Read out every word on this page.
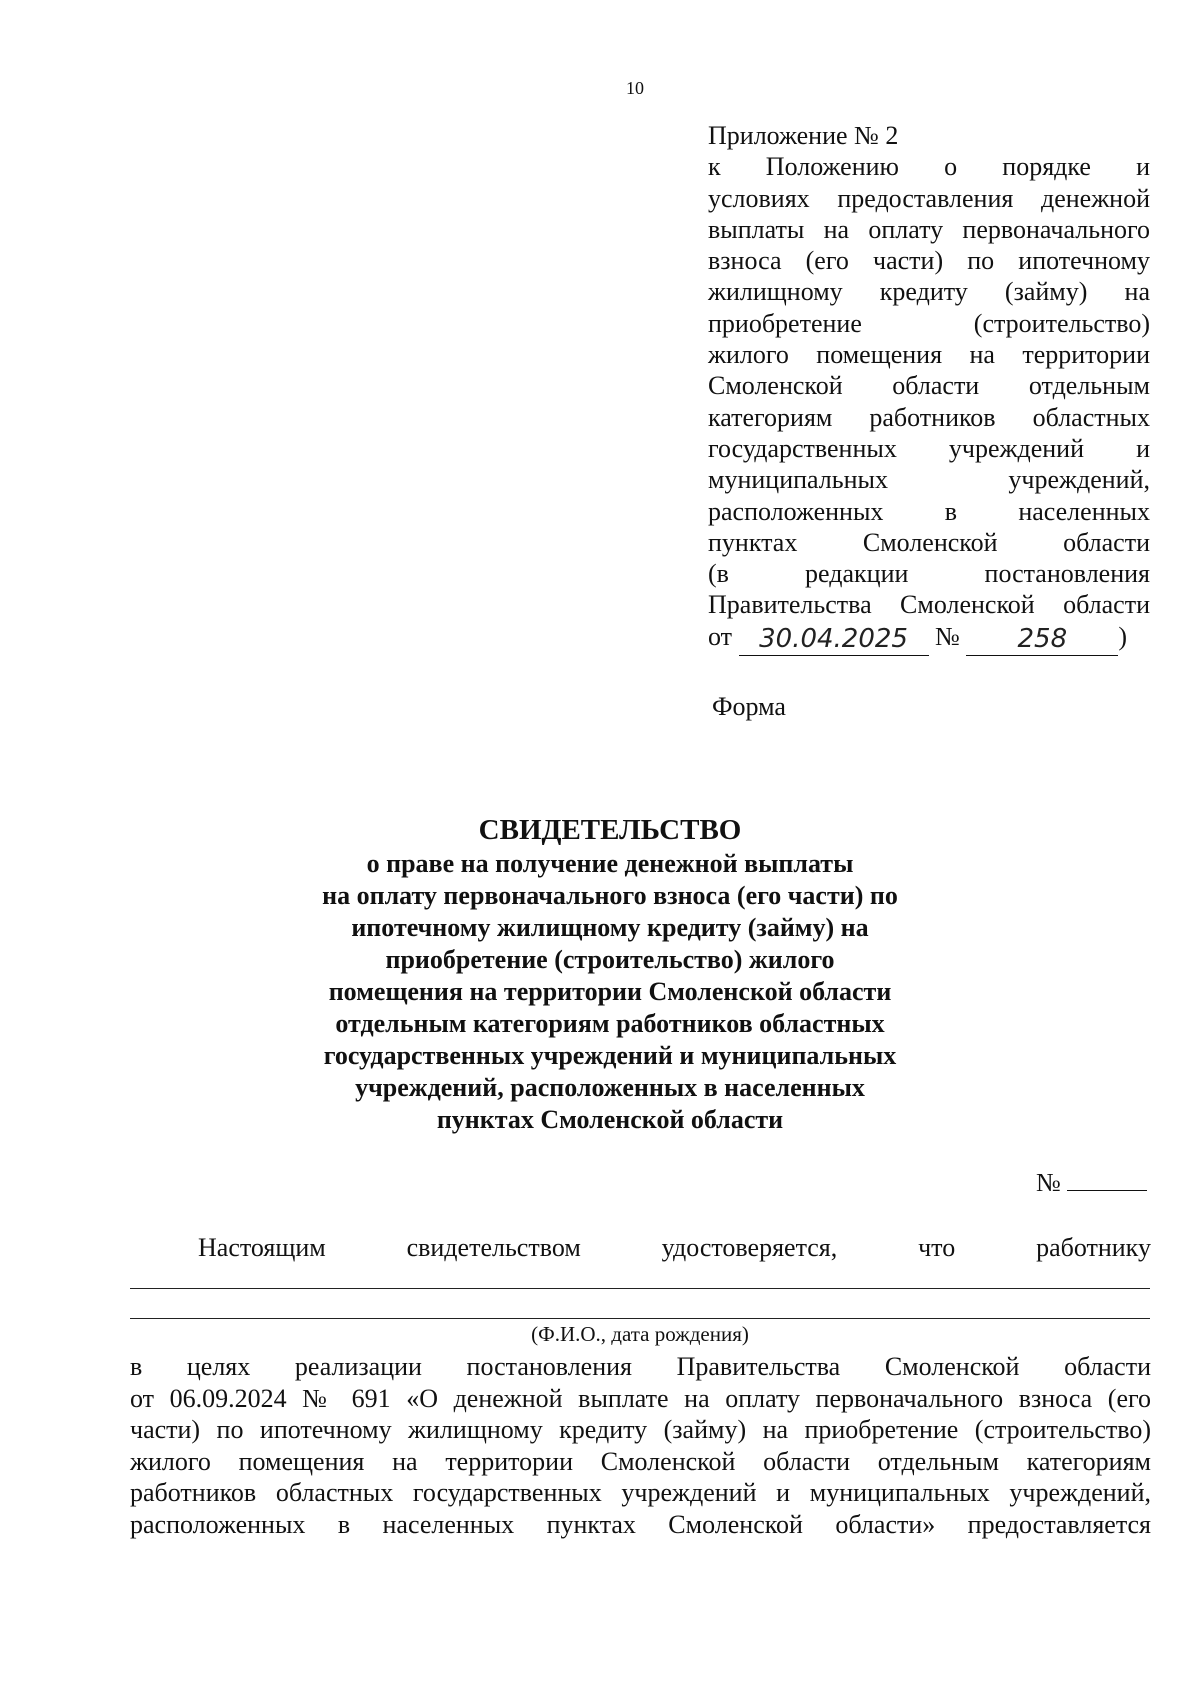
10
Приложение № 2
к Положению о порядке и
условиях предоставления денежной
выплаты на оплату первоначального
взноса (его части) по ипотечному
жилищному кредиту (займу) на
приобретение (строительство)
жилого помещения на территории
Смоленской области отдельным
категориям работников областных
государственных учреждений и
муниципальных учреждений,
расположенных в населенных
пунктах Смоленской области
(в редакции постановления
Правительства Смоленской области
от 30.04.2025 № 258 )
Форма
СВИДЕТЕЛЬСТВО
о праве на получение денежной выплаты
на оплату первоначального взноса (его части) по
ипотечному жилищному кредиту (займу) на
приобретение (строительство) жилого
помещения на территории Смоленской области
отдельным категориям работников областных
государственных учреждений и муниципальных
учреждений, расположенных в населенных
пунктах Смоленской области
№
Настоящим	свидетельством	удостоверяется,	что	работнику
(Ф.И.О., дата рождения)
в целях реализации постановления Правительства Смоленской области
от 06.09.2024 № 691 «О денежной выплате на оплату первоначального взноса (его
части) по ипотечному жилищному кредиту (займу) на приобретение (строительство)
жилого помещения на территории Смоленской области отдельным категориям
работников областных государственных учреждений и муниципальных учреждений,
расположенных в населенных пунктах Смоленской области» предоставляется
